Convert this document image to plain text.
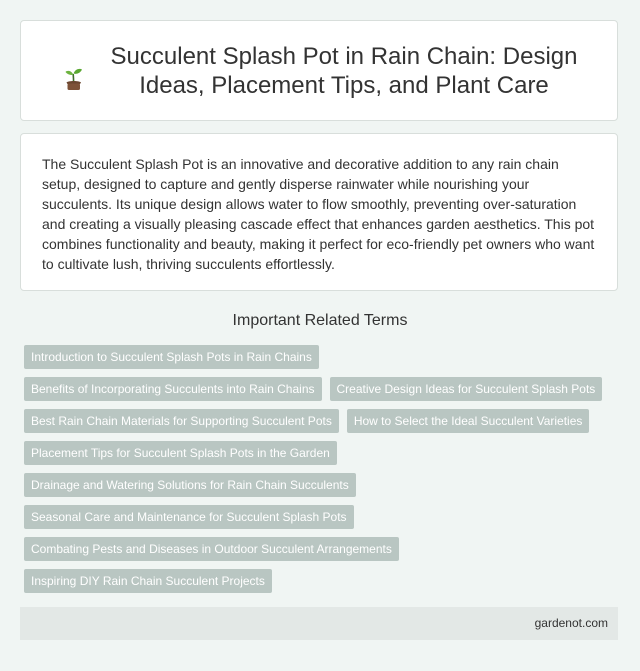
Succulent Splash Pot in Rain Chain: Design Ideas, Placement Tips, and Plant Care

The Succulent Splash Pot is an innovative and decorative addition to any rain chain setup, designed to capture and gently disperse rainwater while nourishing your succulents. Its unique design allows water to flow smoothly, preventing over-saturation and creating a visually pleasing cascade effect that enhances garden aesthetics. This pot combines functionality and beauty, making it perfect for eco-friendly pet owners who want to cultivate lush, thriving succulents effortlessly.

Important Related Terms
Introduction to Succulent Splash Pots in Rain Chains
Benefits of Incorporating Succulents into Rain Chains	Creative Design Ideas for Succulent Splash Pots
Best Rain Chain Materials for Supporting Succulent Pots	How to Select the Ideal Succulent Varieties
Placement Tips for Succulent Splash Pots in the Garden
Drainage and Watering Solutions for Rain Chain Succulents
Seasonal Care and Maintenance for Succulent Splash Pots
Combating Pests and Diseases in Outdoor Succulent Arrangements
Inspiring DIY Rain Chain Succulent Projects
gardenot.com
